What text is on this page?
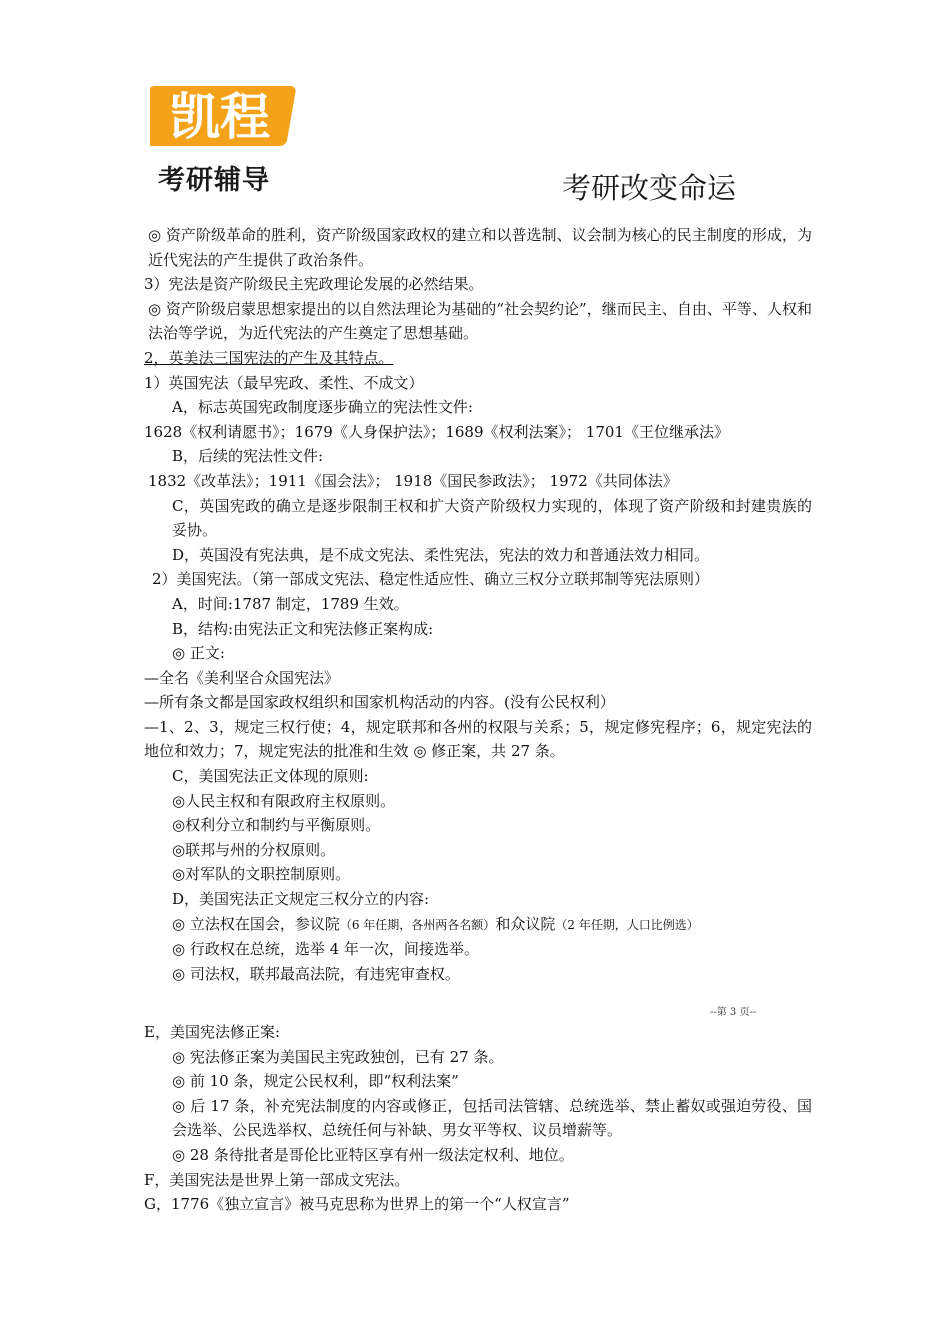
凯程
考研辅导	考研改变命运
◎ 资产阶级革命的胜利，资产阶级国家政权的建立和以普选制、议会制为核心的民主制度的形成，为近代宪法的产生提供了政治条件。
3）宪法是资产阶级民主宪政理论发展的必然结果。
◎ 资产阶级启蒙思想家提出的以自然法理论为基础的“社会契约论”，继而民主、自由、平等、人权和法治等学说，为近代宪法的产生奠定了思想基础。
2，英美法三国宪法的产生及其特点。
1）英国宪法（最早宪政、柔性、不成文）
A，标志英国宪政制度逐步确立的宪法性文件:
1628《权利请愿书》；1679《人身保护法》；1689《权利法案》； 1701《王位继承法》
B，后续的宪法性文件:
1832《改革法》；1911《国会法》； 1918《国民参政法》； 1972《共同体法》
C，英国宪政的确立是逐步限制王权和扩大资产阶级权力实现的，体现了资产阶级和封建贵族的妥协。
D，英国没有宪法典，是不成文宪法、柔性宪法，宪法的效力和普通法效力相同。
2）美国宪法。（第一部成文宪法、稳定性适应性、确立三权分立联邦制等宪法原则）
A，时间:1787 制定，1789 生效。
B，结构:由宪法正文和宪法修正案构成:
◎ 正文:
—全名《美利坚合众国宪法》
—所有条文都是国家政权组织和国家机构活动的内容。(没有公民权利）
—1、2、3，规定三权行使；4，规定联邦和各州的权限与关系；5，规定修宪程序；6，规定宪法的地位和效力；7，规定宪法的批准和生效 ◎ 修正案，共 27 条。
C，美国宪法正文体现的原则:
◎人民主权和有限政府主权原则。
◎权利分立和制约与平衡原则。
◎联邦与州的分权原则。
◎对军队的文职控制原则。
D，美国宪法正文规定三权分立的内容:
◎ 立法权在国会，参议院（6 年任期，各州两各名额）和众议院（2 年任期，人口比例选）
◎ 行政权在总统，选举 4 年一次，间接选举。
◎ 司法权，联邦最高法院，有违宪审查权。
--第 3 页--
E，美国宪法修正案:
◎ 宪法修正案为美国民主宪政独创，已有 27 条。
◎ 前 10 条，规定公民权利，即“权利法案”
◎ 后 17 条，补充宪法制度的内容或修正，包括司法管辖、总统选举、禁止蓄奴或强迫劳役、国会选举、公民选举权、总统任何与补缺、男女平等权、议员增薪等。
◎ 28 条待批者是哥伦比亚特区享有州一级法定权利、地位。
F，美国宪法是世界上第一部成文宪法。
G，1776《独立宣言》被马克思称为世界上的第一个“人权宣言”
